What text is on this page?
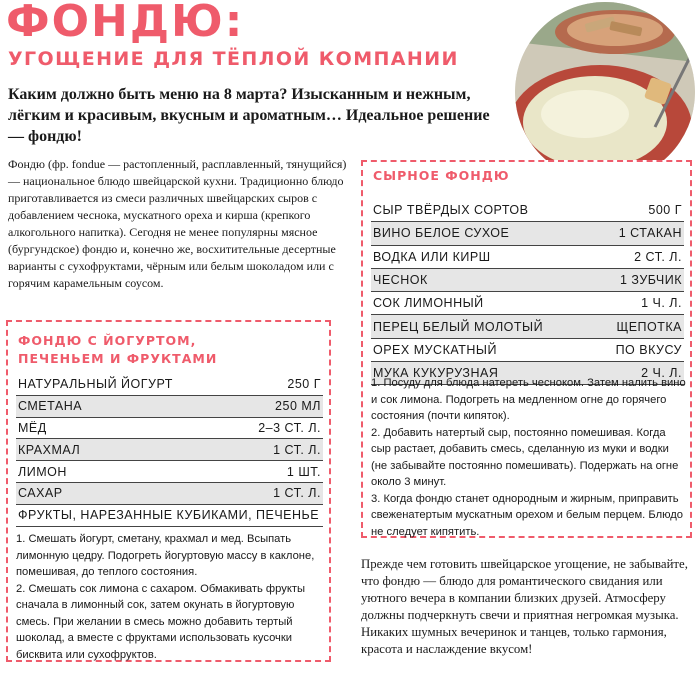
ФОНДЮ:
УГОЩЕНИЕ ДЛЯ ТЁПЛОЙ КОМПАНИИ

Каким должно быть меню на 8 марта? Изысканным и нежным, лёгким и красивым, вкусным и ароматным… Идеальное решение — фондю!

Фондю (фр. fondue — растопленный, расплавленный, тянущийся) — национальное блюдо швейцарской кухни. Традиционно блюдо приготавливается из смеси различных швейцарских сыров с добавлением чеснока, мускатного ореха и кирша (крепкого алкогольного напитка). Сегодня не менее популярны мясное (бургундское) фондю и, конечно же, восхитительные десертные варианты с сухофруктами, чёрным или белым шоколадом или с горячим карамельным соусом.

СЫРНОЕ ФОНДЮ
СЫР ТВЁРДЫХ СОРТОВ	500 Г
ВИНО БЕЛОЕ СУХОЕ	1 СТАКАН
ВОДКА ИЛИ КИРШ	2 СТ. Л.
ЧЕСНОК	1 ЗУБЧИК
СОК ЛИМОННЫЙ	1 Ч. Л.
ПЕРЕЦ БЕЛЫЙ МОЛОТЫЙ	ЩЕПОТКА
ОРЕХ МУСКАТНЫЙ	ПО ВКУСУ
МУКА КУКУРУЗНАЯ	2 Ч. Л.

1. Посуду для блюда натереть чесноком. Затем налить вино и сок лимона. Подогреть на медленном огне до горячего состояния (почти кипяток).

2. Добавить натертый сыр, постоянно помешивая. Когда сыр растает, добавить смесь, сделанную из муки и водки (не забывайте постоянно помешивать). Подержать на огне около 3 минут.

3. Когда фондю станет однородным и жирным, приправить свеженатертым мускатным орехом и белым перцем. Блюдо не следует кипятить.

ФОНДЮ С ЙОГУРТОМ,
ПЕЧЕНЬЕМ И ФРУКТАМИ
НАТУРАЛЬНЫЙ ЙОГУРТ	250 Г
СМЕТАНА	250 МЛ
МЁД	2–3 СТ. Л.
КРАХМАЛ	1 СТ. Л.
ЛИМОН	1 ШТ.
САХАР	1 СТ. Л.
ФРУКТЫ, НАРЕЗАННЫЕ КУБИКАМИ, ПЕЧЕНЬЕ

1. Смешать йогурт, сметану, крахмал и мед. Всыпать лимонную цедру. Подогреть йогуртовую массу в каклоне, помешивая, до теплого состояния.

2. Смешать сок лимона с сахаром. Обмакивать фрукты сначала в лимонный сок, затем окунать в йогуртовую смесь. При желании в смесь можно добавить тертый шоколад, а вместе с фруктами использовать кусочки бисквита или сухофруктов.

Прежде чем готовить швейцарское угощение, не забывайте, что фондю — блюдо для романтического свидания или уютного вечера в компании близких друзей. Атмосферу должны подчеркнуть свечи и приятная негромкая музыка. Никаких шумных вечеринок и танцев, только гармония, красота и наслаждение вкусом!
